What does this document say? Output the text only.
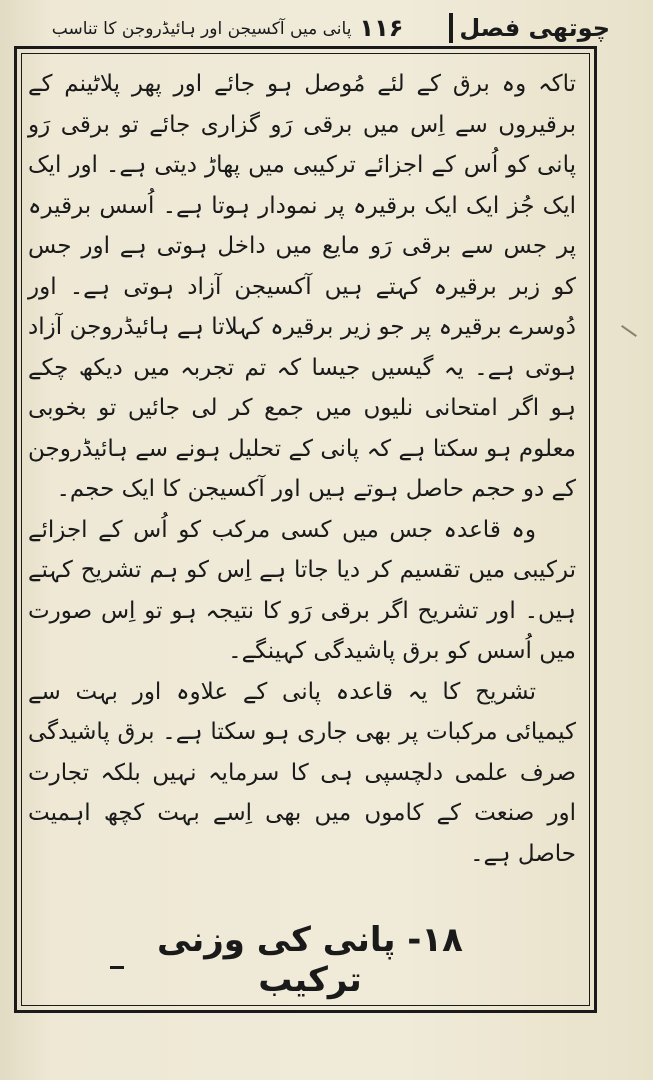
چوتھی فصل
۱۱۶
پانی میں آکسیجن اور ہائیڈروجن کا تناسب

تاکہ وہ برق کے لئے مُوصل ہو جائے اور پھر پلاٹینم کے برقیروں سے اِس میں برقی رَو گزاری جائے تو برقی رَو پانی کو اُس کے اجزائے ترکیبی میں پھاڑ دیتی ہے۔ اور ایک ایک جُز ایک ایک برقیرہ پر نمودار ہوتا ہے۔ اُسس برقیرہ پر جس سے برقی رَو مایع میں داخل ہوتی ہے اور جس کو زبر برقیرہ کہتے ہیں آکسیجن آزاد ہوتی ہے۔ اور دُوسرے برقیرہ پر جو زیر برقیرہ کہلاتا ہے ہائیڈروجن آزاد ہوتی ہے۔ یہ گیسیں جیسا کہ تم تجربہ میں دیکھ چکے ہو اگر امتحانی نلیوں میں جمع کر لی جائیں تو بخوبی معلوم ہو سکتا ہے کہ پانی کے تحلیل ہونے سے ہائیڈروجن کے دو حجم حاصل ہوتے ہیں اور آکسیجن کا ایک حجم۔

وہ قاعدہ جس میں کسی مرکب کو اُس کے اجزائے ترکیبی میں تقسیم کر دیا جاتا ہے اِس کو ہم تشریح کہتے ہیں۔ اور تشریح اگر برقی رَو کا نتیجہ ہو تو اِس صورت میں اُسس کو برق پاشیدگی کہینگے۔

تشریح کا یہ قاعدہ پانی کے علاوہ اور بہت سے کیمیائی مرکبات پر بھی جاری ہو سکتا ہے۔ برق پاشیدگی صرف علمی دلچسپی ہی کا سرمایہ نہیں بلکہ تجارت اور صنعت کے کاموں میں بھی اِسے بہت کچھ اہمیت حاصل ہے۔

۱۸- پانی کی وزنی ترکیب
